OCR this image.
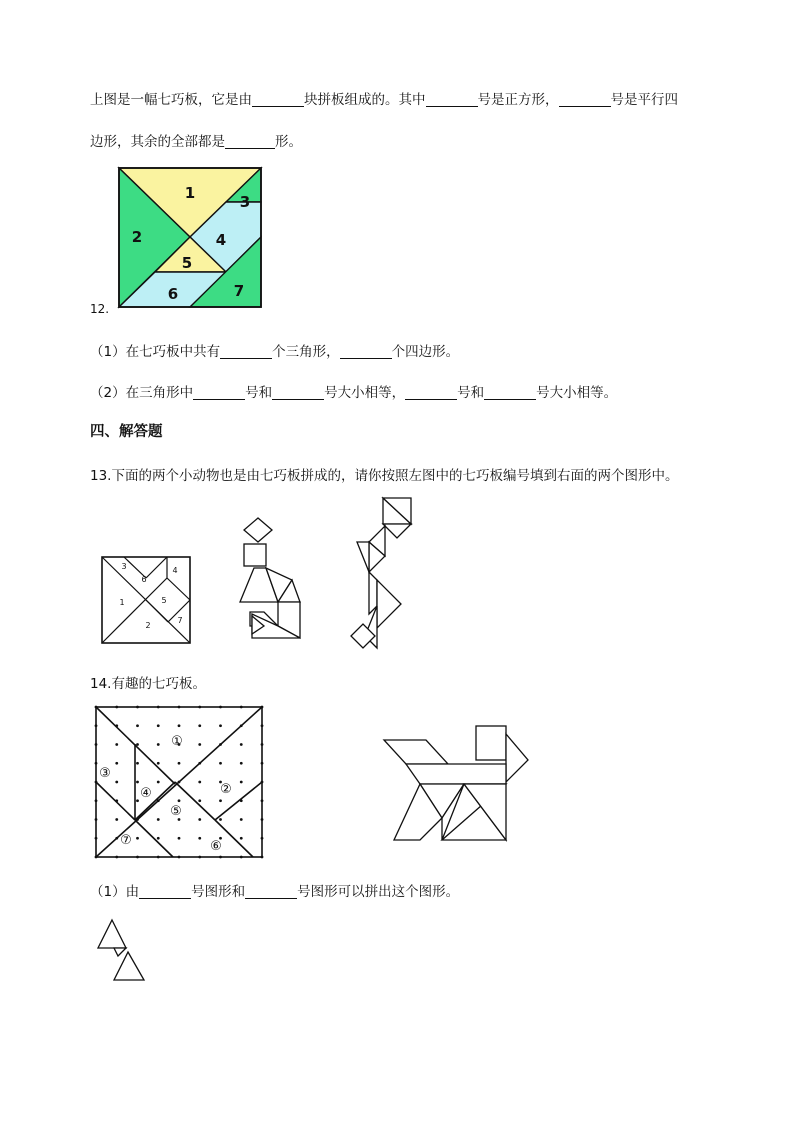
上图是一幅七巧板，它是由	块拼板组成的。其中	号是正方形，	号是平行四
边形，其余的全部都是	形。
1
2
3
4
5
6	7
12.
（1）在七巧板中共有	个三角形，	个四边形。
（2）在三角形中	号和	号大小相等，	号和	号大小相等。
四、解答题
13.下面的两个小动物也是由七巧板拼成的，请你按照左图中的七巧板编号填到右面的两个图形中。
1
2
3	4
5
6
7
14.有趣的七巧板。
①
②
③
④
⑤
⑥
⑦
（1）由	号图形和	号图形可以拼出这个图形。
